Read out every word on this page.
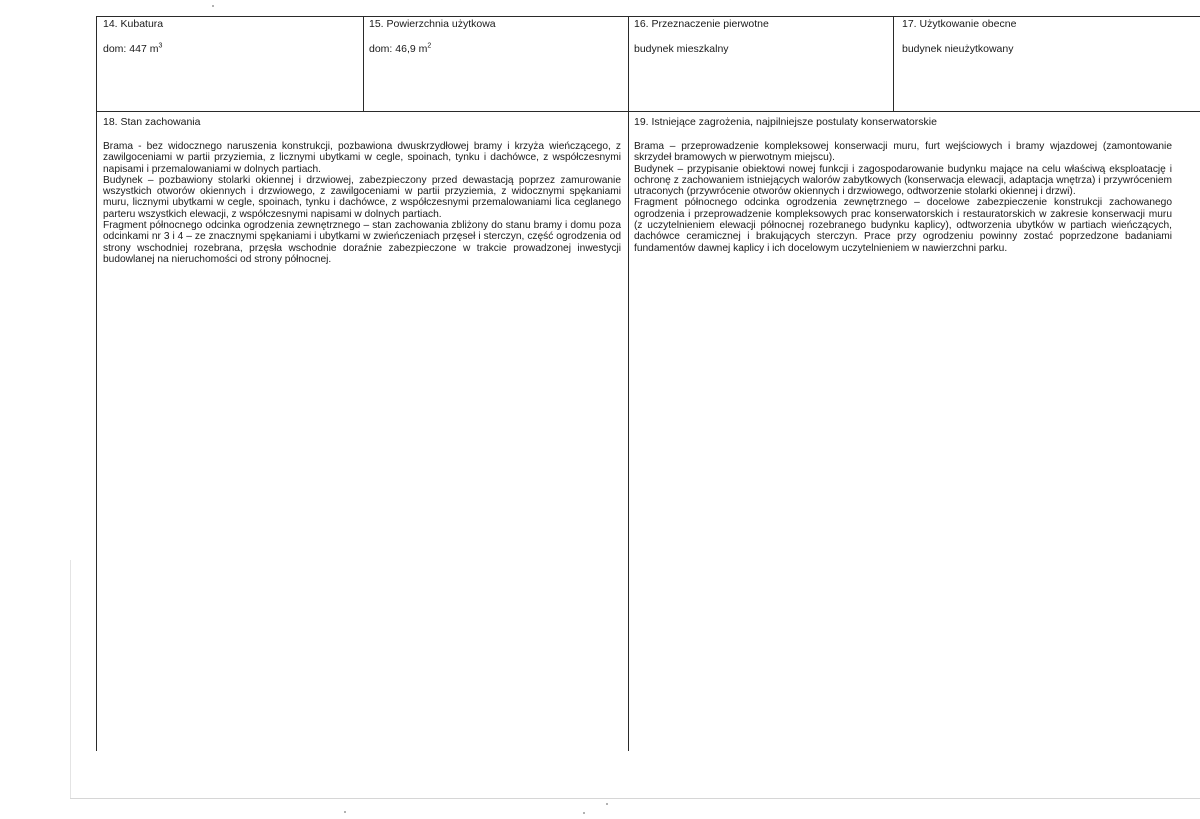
14. Kubatura
dom: 447 $m^3$
15. Powierzchnia użytkowa
dom: 46,9 $m^2$
16. Przeznaczenie pierwotne
budynek mieszkalny
17. Użytkowanie obecne
budynek nieużytkowany
18. Stan zachowania

Brama - bez widocznego naruszenia konstrukcji, pozbawiona dwuskrzydłowej bramy i krzyża wieńczącego, z zawilgoceniami w partii przyziemia, z licznymi ubytkami w cegle, spoinach, tynku i dachówce, z współczesnymi napisami i przemalowaniami w dolnych partiach.

Budynek – pozbawiony stolarki okiennej i drzwiowej, zabezpieczony przed dewastacją poprzez zamurowanie wszystkich otworów okiennych i drzwiowego, z zawilgoceniami w partii przyziemia, z widocznymi spękaniami muru, licznymi ubytkami w cegle, spoinach, tynku i dachówce, z współczesnymi przemalowaniami lica ceglanego parteru wszystkich elewacji, z współczesnymi napisami w dolnych partiach.

Fragment północnego odcinka ogrodzenia zewnętrznego – stan zachowania zbliżony do stanu bramy i domu poza odcinkami nr 3 i 4 – ze znacznymi spękaniami i ubytkami w zwieńczeniach przęseł i sterczyn, część ogrodzenia od strony wschodniej rozebrana, przęsła wschodnie doraźnie zabezpieczone w trakcie prowadzonej inwestycji budowlanej na nieruchomości od strony północnej.

19. Istniejące zagrożenia, najpilniejsze postulaty konserwatorskie

Brama – przeprowadzenie kompleksowej konserwacji muru, furt wejściowych i bramy wjazdowej (zamontowanie skrzydeł bramowych w pierwotnym miejscu).

Budynek – przypisanie obiektowi nowej funkcji i zagospodarowanie budynku mające na celu właściwą eksploatację i ochronę z zachowaniem istniejących walorów zabytkowych (konserwacja elewacji, adaptacja wnętrza) i przywróceniem utraconych (przywrócenie otworów okiennych i drzwiowego, odtworzenie stolarki okiennej i drzwi).

Fragment północnego odcinka ogrodzenia zewnętrznego – docelowe zabezpieczenie konstrukcji zachowanego ogrodzenia i przeprowadzenie kompleksowych prac konserwatorskich i restauratorskich w zakresie konserwacji muru (z uczytelnieniem elewacji północnej rozebranego budynku kaplicy), odtworzenia ubytków w partiach wieńczących, dachówce ceramicznej i brakujących sterczyn. Prace przy ogrodzeniu powinny zostać poprzedzone badaniami fundamentów dawnej kaplicy i ich docelowym uczytelnieniem w nawierzchni parku.
